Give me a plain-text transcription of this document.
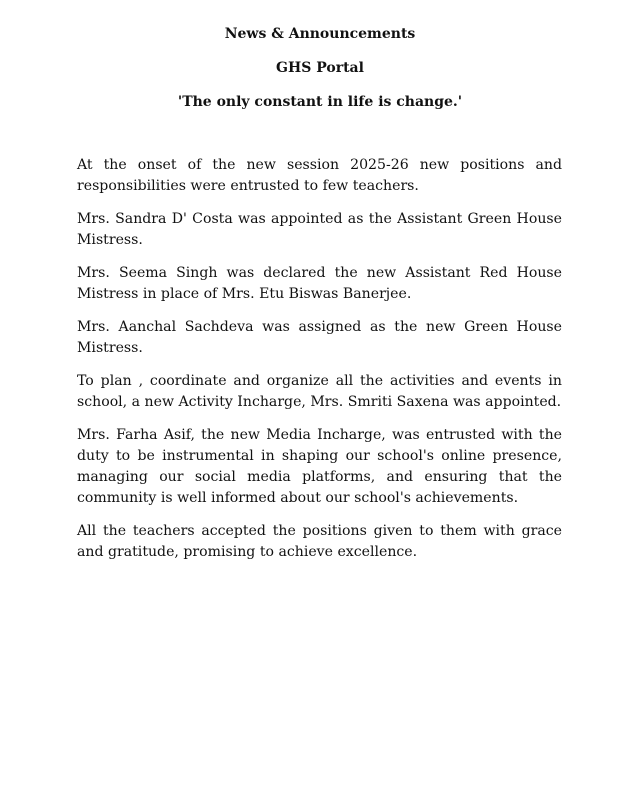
News & Announcements
GHS Portal
'The only constant in life is change.'

At the onset of the new session 2025-26 new positions and responsibilities were entrusted to few teachers.

Mrs. Sandra D' Costa was appointed as the Assistant Green House Mistress.

Mrs. Seema Singh was declared the new Assistant Red House Mistress in place of Mrs. Etu Biswas Banerjee.

Mrs. Aanchal Sachdeva was assigned as the new Green House Mistress.

To plan , coordinate and organize all the activities and events in school, a new Activity Incharge, Mrs. Smriti Saxena was appointed.

Mrs. Farha Asif, the new Media Incharge, was entrusted with the duty to be instrumental in shaping our school's online presence, managing our social media platforms, and ensuring that the community is well informed about our school's achievements.

All the teachers accepted the positions given to them with grace and gratitude, promising to achieve excellence.
